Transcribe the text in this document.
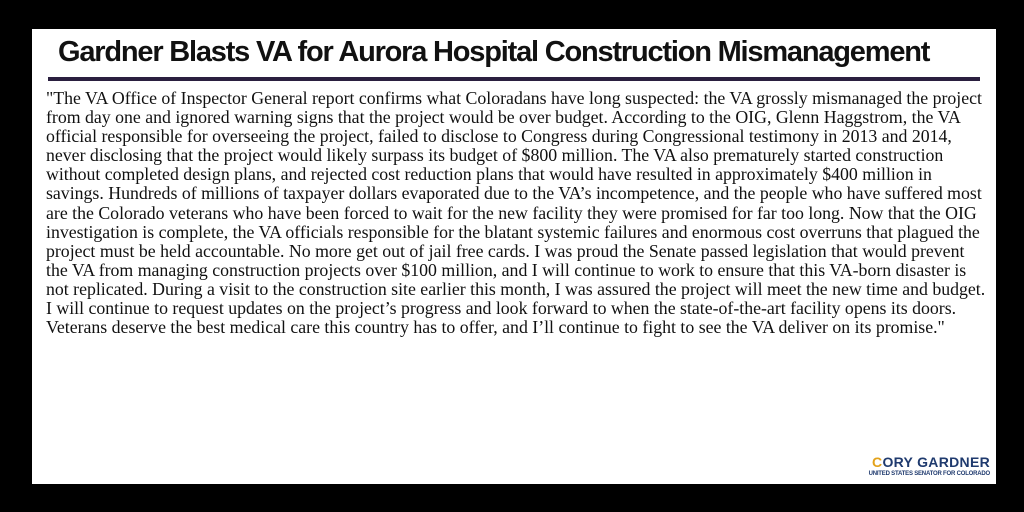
Gardner Blasts VA for Aurora Hospital Construction Mismanagement

"The VA Office of Inspector General report confirms what Coloradans have long suspected: the VA grossly mismanaged the project from day one and ignored warning signs that the project would be over budget. According to the OIG, Glenn Haggstrom, the VA official responsible for overseeing the project, failed to disclose to Congress during Congressional testimony in 2013 and 2014, never disclosing that the project would likely surpass its budget of $800 million. The VA also prematurely started construction without completed design plans, and rejected cost reduction plans that would have resulted in approximately $400 million in savings. Hundreds of millions of taxpayer dollars evaporated due to the VA’s incompetence, and the people who have suffered most are the Colorado veterans who have been forced to wait for the new facility they were promised for far too long. Now that the OIG investigation is complete, the VA officials responsible for the blatant systemic failures and enormous cost overruns that plagued the project must be held accountable. No more get out of jail free cards. I was proud the Senate passed legislation that would prevent the VA from managing construction projects over $100 million, and I will continue to work to ensure that this VA-born disaster is not replicated. During a visit to the construction site earlier this month, I was assured the project will meet the new time and budget. I will continue to request updates on the project’s progress and look forward to when the state-of-the-art facility opens its doors. Veterans deserve the best medical care this country has to offer, and I’ll continue to fight to see the VA deliver on its promise."

CORY GARDNER
UNITED STATES SENATOR FOR COLORADO
